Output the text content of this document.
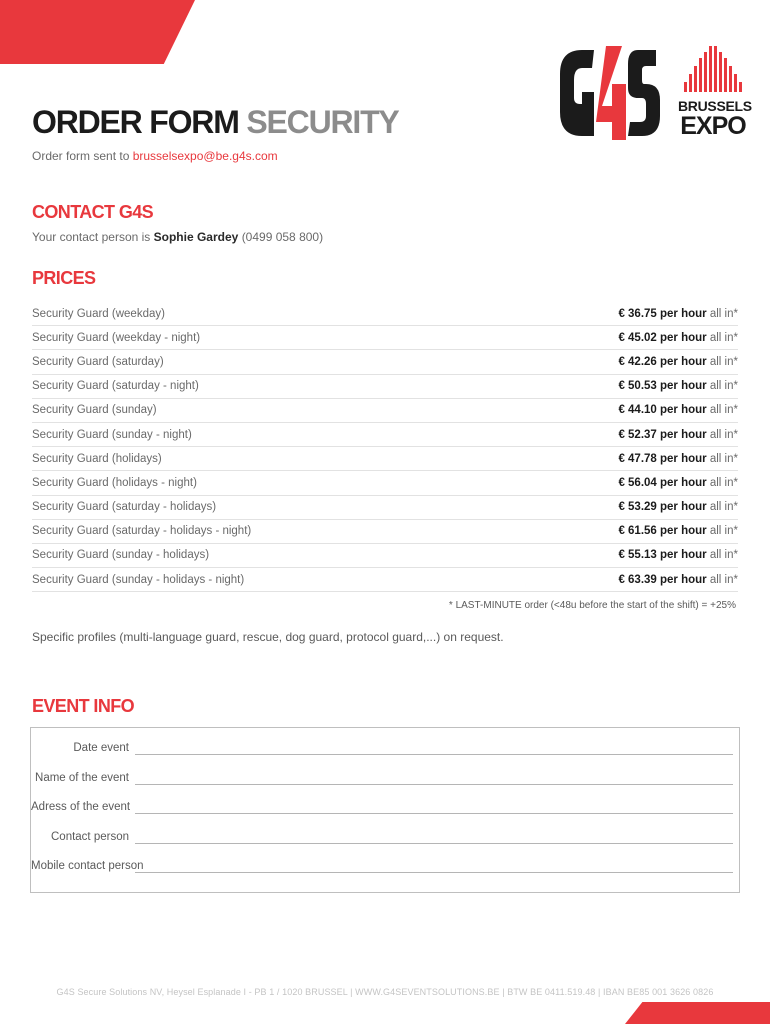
G4S
BRUSSELS
EXPO
ORDER FORM SECURITY
Order form sent to brusselsexpo@be.g4s.com
CONTACT G4S
Your contact person is Sophie Gardey (0499 058 800)
PRICES
Security Guard (weekday)	€ 36.75 per hour all in*
Security Guard (weekday - night)	€ 45.02 per hour all in*
Security Guard (saturday)	€ 42.26 per hour all in*
Security Guard (saturday - night)	€ 50.53 per hour all in*
Security Guard (sunday)	€ 44.10 per hour all in*
Security Guard (sunday - night)	€ 52.37 per hour all in*
Security Guard (holidays)	€ 47.78 per hour all in*
Security Guard (holidays - night)	€ 56.04 per hour all in*
Security Guard (saturday - holidays)	€ 53.29 per hour all in*
Security Guard (saturday - holidays - night)	€ 61.56 per hour all in*
Security Guard (sunday - holidays)	€ 55.13 per hour all in*
Security Guard (sunday - holidays - night)	€ 63.39 per hour all in*
* LAST-MINUTE order (<48u before the start of the shift) = +25%
Specific profiles (multi-language guard, rescue, dog guard, protocol guard,...) on request.
EVENT INFO
Date event
Name of the event
Adress of the event
Contact person
Mobile contact person
G4S Secure Solutions NV, Heysel Esplanade I - PB 1 / 1020 BRUSSEL | WWW.G4SEVENTSOLUTIONS.BE | BTW BE 0411.519.48 | IBAN BE85 001 3626 0826
